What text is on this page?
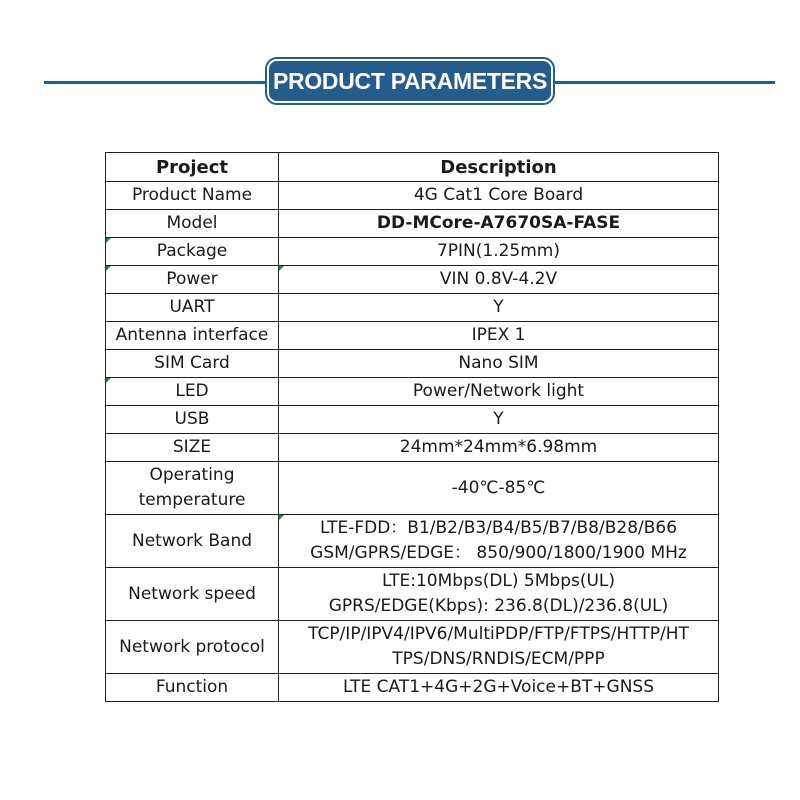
PRODUCT PARAMETERS
Project	Description
Product Name	4G Cat1 Core Board
Model	DD-MCore-A7670SA-FASE

Package	7PIN(1.25mm)

Power	VIN 0.8V-4.2V
UART	Y
Antenna interface	IPEX 1
SIM Card	Nano SIM

LED	Power/Network light
USB	Y
SIZE	24mm*24mm*6.98mm
Operating temperature	-40℃-85℃
Network Band	LTE-FDD：B1/B2/B3/B4/B5/B7/B8/B28/B66
GSM/GPRS/EDGE： 850/900/1800/1900 MHz
Network speed	LTE:10Mbps(DL) 5Mbps(UL)
GPRS/EDGE(Kbps): 236.8(DL)/236.8(UL)
Network protocol	TCP/IP/IPV4/IPV6/MultiPDP/FTP/FTPS/HTTP/HT
TPS/DNS/RNDIS/ECM/PPP
Function	LTE CAT1+4G+2G+Voice+BT+GNSS
